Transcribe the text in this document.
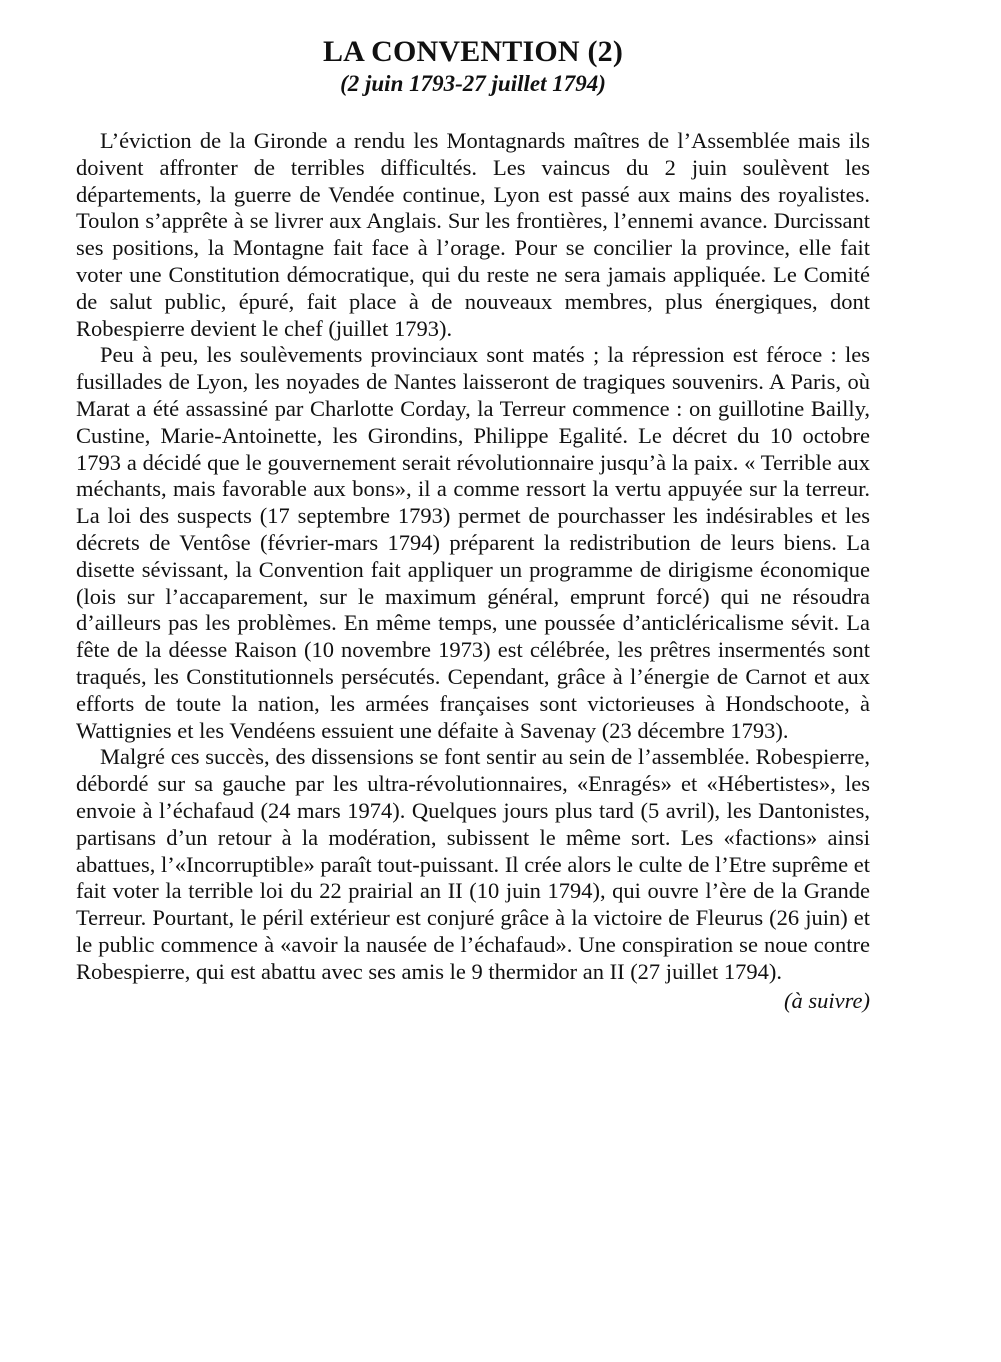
LA CONVENTION (2)
(2 juin 1793-27 juillet 1794)

L’éviction de la Gironde a rendu les Montagnards maîtres de l’Assemblée mais ils doivent affronter de terribles difficultés. Les vaincus du 2 juin soulèvent les départements, la guerre de Vendée continue, Lyon est passé aux mains des royalistes. Toulon s’apprête à se livrer aux Anglais. Sur les frontières, l’ennemi avance. Durcissant ses positions, la Montagne fait face à l’orage. Pour se concilier la province, elle fait voter une Constitution démocratique, qui du reste ne sera jamais appliquée. Le Comité de salut public, épuré, fait place à de nouveaux membres, plus énergiques, dont Robespierre devient le chef (juillet 1793).

Peu à peu, les soulèvements provinciaux sont matés ; la répression est féroce : les fusillades de Lyon, les noyades de Nantes laisseront de tragiques souvenirs. A Paris, où Marat a été assassiné par Charlotte Corday, la Terreur commence : on guillotine Bailly, Custine, Marie-Antoinette, les Girondins, Philippe Egalité. Le décret du 10 octobre 1793 a décidé que le gouvernement serait révolutionnaire jusqu’à la paix. « Terrible aux méchants, mais favorable aux bons», il a comme ressort la vertu appuyée sur la terreur. La loi des suspects (17 septembre 1793) permet de pourchasser les indésirables et les décrets de Ventôse (février-mars 1794) préparent la redistribution de leurs biens. La disette sévissant, la Convention fait appliquer un programme de dirigisme économique (lois sur l’accaparement, sur le maximum général, emprunt forcé) qui ne résoudra d’ailleurs pas les problèmes. En même temps, une poussée d’anticléricalisme sévit. La fête de la déesse Raison (10 novembre 1973) est célébrée, les prêtres insermentés sont traqués, les Constitutionnels persécutés. Cependant, grâce à l’énergie de Carnot et aux efforts de toute la nation, les armées françaises sont victorieuses à Hondschoote, à Wattignies et les Vendéens essuient une défaite à Savenay (23 décembre 1793).

Malgré ces succès, des dissensions se font sentir au sein de l’assemblée. Robespierre, débordé sur sa gauche par les ultra-révolutionnaires, «Enragés» et «Hébertistes», les envoie à l’échafaud (24 mars 1974). Quelques jours plus tard (5 avril), les Dantonistes, partisans d’un retour à la modération, subissent le même sort. Les «factions» ainsi abattues, l’«Incorruptible» paraît tout-puissant. Il crée alors le culte de l’Etre suprême et fait voter la terrible loi du 22 prairial an II (10 juin 1794), qui ouvre l’ère de la Grande Terreur. Pourtant, le péril extérieur est conjuré grâce à la victoire de Fleurus (26 juin) et le public commence à «avoir la nausée de l’échafaud». Une conspiration se noue contre Robespierre, qui est abattu avec ses amis le 9 thermidor an II (27 juillet 1794).

(à suivre)
